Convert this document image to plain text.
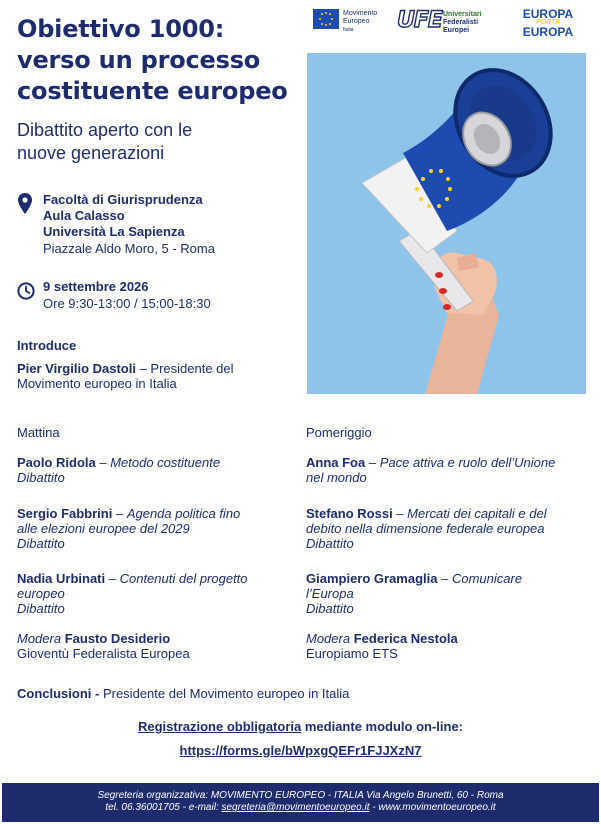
Obiettivo 1000:
verso un processo
costituente europeo
Dibattito aperto con le
nuove generazioni
Movimento
Europeo
Italia	UFE Universitari
Federalisti
Europei
EUROPA
PORTA
EUROPA
Facoltà di Giurisprudenza
Aula Calasso
Università La Sapienza
Piazzale Aldo Moro, 5 - Roma
9 settembre 2026
Ore 9:30-13:00 / 15:00-18:30
Introduce
Pier Virgilio Dastoli – Presidente del
Movimento europeo in Italia
Mattina
Paolo Ridola – Metodo costituente
Dibattito
Sergio Fabbrini – Agenda politica fino
alle elezioni europee del 2029
Dibattito
Nadia Urbinati – Contenuti del progetto
europeo
Dibattito
Modera Fausto Desiderio
Gioventù Federalista Europea
Pomeriggio
Anna Foa – Pace attiva e ruolo dell’Unione
nel mondo
Stefano Rossi – Mercati dei capitali e del
debito nella dimensione federale europea
Dibattito
Giampiero Gramaglia – Comunicare
l’Europa
Dibattito
Modera Federica Nestola
Europiamo ETS
Conclusioni - Presidente del Movimento europeo in Italia
Registrazione obbligatoria mediante modulo on-line:
https://forms.gle/bWpxgQEFr1FJJXzN7
Segreteria organizzativa: MOVIMENTO EUROPEO - ITALIA Via Angelo Brunetti, 60 - Roma
tel. 06.36001705 - e-mail: segreteria@movimentoeuropeo.it - www.movimentoeuropeo.it
